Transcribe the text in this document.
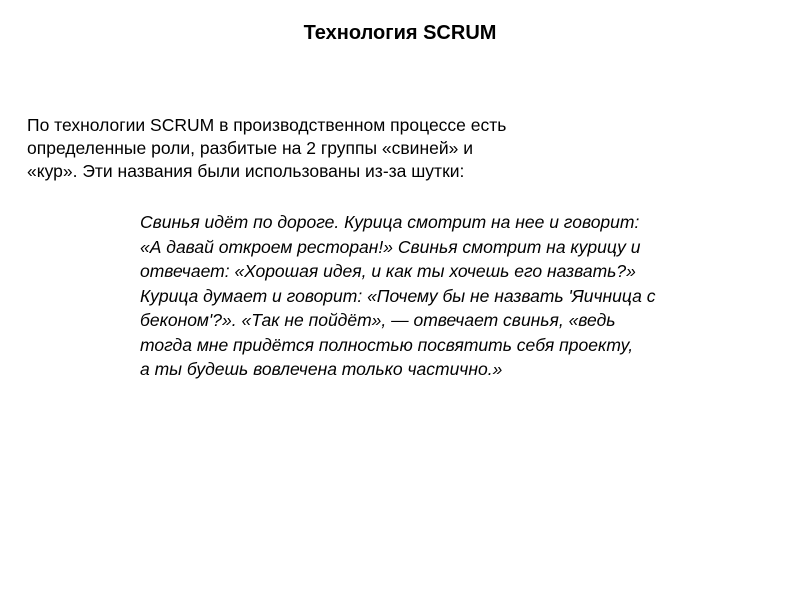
Технология SCRUM
По технологии SCRUM в производственном процессе есть
определенные роли, разбитые на 2 группы «свиней» и
«кур». Эти названия были использованы из-за шутки:
Свинья идёт по дороге. Курица смотрит на нее и говорит:
«А давай откроем ресторан!» Свинья смотрит на курицу и
отвечает: «Хорошая идея, и как ты хочешь его назвать?»
Курица думает и говорит: «Почему бы не назвать 'Яичница с
беконом'?». «Так не пойдёт», — отвечает свинья, «ведь
тогда мне придётся полностью посвятить себя проекту,
а ты будешь вовлечена только частично.»
